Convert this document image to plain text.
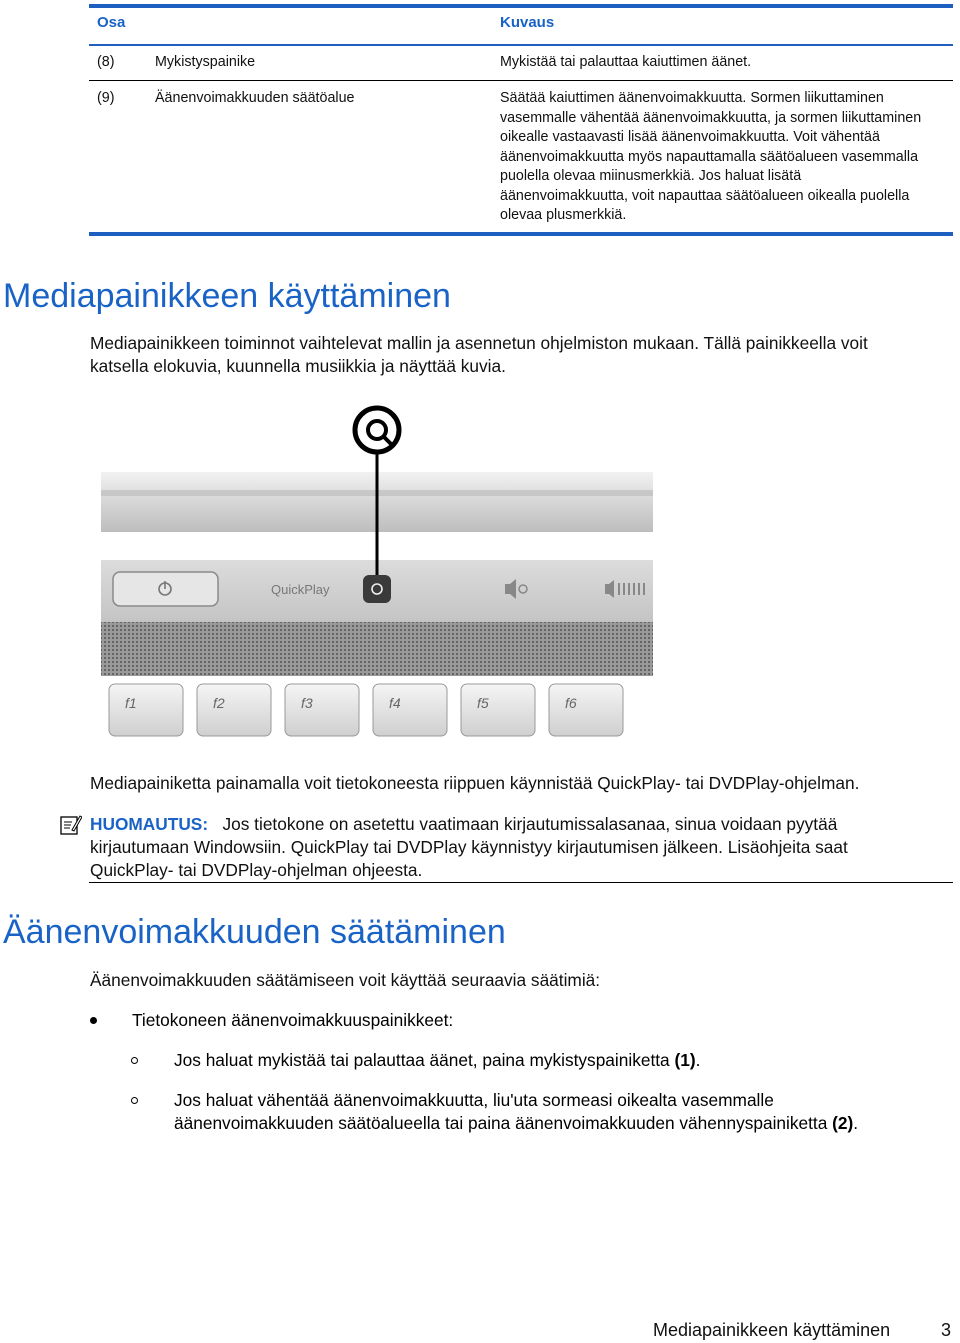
Osa	Kuvaus
(8)	Mykistyspainike	Mykistää tai palauttaa kaiuttimen äänet.
(9)	Äänenvoimakkuuden säätöalue	Säätää kaiuttimen äänenvoimakkuutta. Sormen liikuttaminen
vasemmalle vähentää äänenvoimakkuutta, ja sormen liikuttaminen
oikealle vastaavasti lisää äänenvoimakkuutta. Voit vähentää
äänenvoimakkuutta myös napauttamalla säätöalueen vasemmalla
puolella olevaa miinusmerkkiä. Jos haluat lisätä
äänenvoimakkuutta, voit napauttaa säätöalueen oikealla puolella
olevaa plusmerkkiä.
Mediapainikkeen käyttäminen
Mediapainikkeen toiminnot vaihtelevat mallin ja asennetun ohjelmiston mukaan. Tällä painikkeella voit
katsella elokuvia, kuunnella musiikkia ja näyttää kuvia.
QuickPlay
f1	f2	f3	f4	f5	f6
Mediapainiketta painamalla voit tietokoneesta riippuen käynnistää QuickPlay- tai DVDPlay-ohjelman.
HUOMAUTUS: Jos tietokone on asetettu vaatimaan kirjautumissalasanaa, sinua voidaan pyytää
kirjautumaan Windowsiin. QuickPlay tai DVDPlay käynnistyy kirjautumisen jälkeen. Lisäohjeita saat
QuickPlay- tai DVDPlay-ohjelman ohjeesta.
Äänenvoimakkuuden säätäminen
Äänenvoimakkuuden säätämiseen voit käyttää seuraavia säätimiä:
Tietokoneen äänenvoimakkuuspainikkeet:
Jos haluat mykistää tai palauttaa äänet, paina mykistyspainiketta (1).
Jos haluat vähentää äänenvoimakkuutta, liu'uta sormeasi oikealta vasemmalle
äänenvoimakkuuden säätöalueella tai paina äänenvoimakkuuden vähennyspainiketta (2).
Mediapainikkeen käyttäminen	3
